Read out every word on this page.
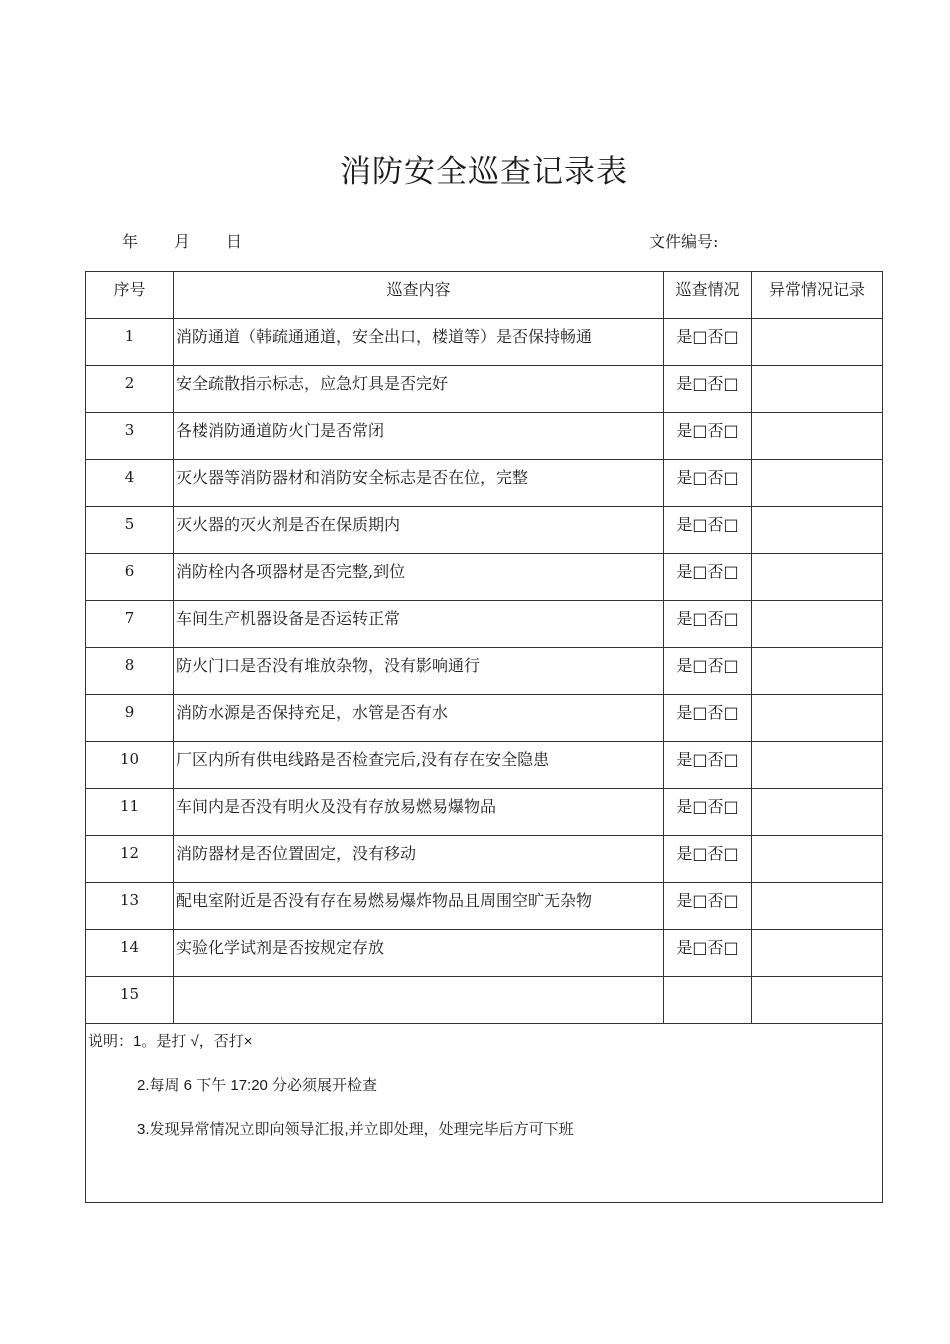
消防安全巡查记录表
年 月 日	文件编号:
序号	巡查内容	巡查情况	异常情况记录
1	消防通道（韩疏通通道，安全出口，楼道等）是否保持畅通	是□否□	
2	安全疏散指示标志，应急灯具是否完好	是□否□	
3	各楼消防通道防火门是否常闭	是□否□	
4	灭火器等消防器材和消防安全标志是否在位，完整	是□否□	
5	灭火器的灭火剂是否在保质期内	是□否□	
6	消防栓内各项器材是否完整,到位	是□否□	
7	车间生产机器设备是否运转正常	是□否□	
8	防火门口是否没有堆放杂物，没有影响通行	是□否□	
9	消防水源是否保持充足，水管是否有水	是□否□	
10	厂区内所有供电线路是否检查完后,没有存在安全隐患	是□否□	
11	车间内是否没有明火及没有存放易燃易爆物品	是□否□	
12	消防器材是否位置固定，没有移动	是□否□	
13	配电室附近是否没有存在易燃易爆炸物品且周围空旷无杂物	是□否□	
14	实验化学试剂是否按规定存放	是□否□	
15			

说明：1。是打 √，否打×
2.每周 6 下午 17:20 分必须展开检查
3.发现异常情况立即向领导汇报,并立即处理，处理完毕后方可下班			
